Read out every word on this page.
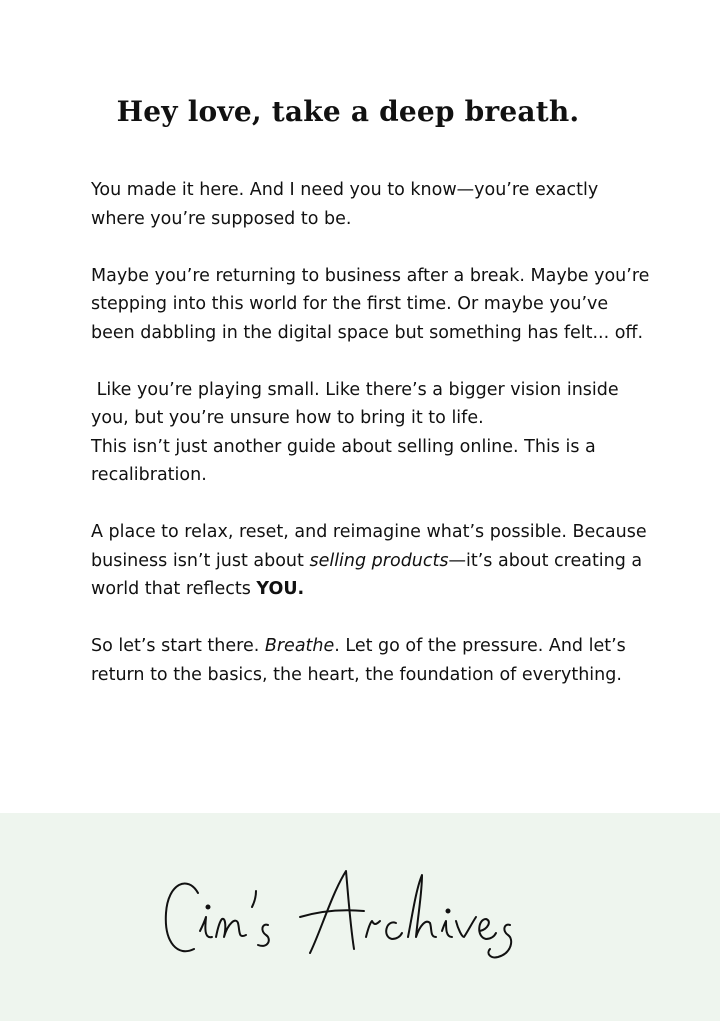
Hey love, take a deep breath.

You made it here. And I need you to know—you’re exactly
where you’re supposed to be.

Maybe you’re returning to business after a break. Maybe you’re
stepping into this world for the first time. Or maybe you’ve
been dabbling in the digital space but something has felt... off.

Like you’re playing small. Like there’s a bigger vision inside
you, but you’re unsure how to bring it to life.

This isn’t just another guide about selling online. This is a
recalibration.

A place to relax, reset, and reimagine what’s possible. Because
business isn’t just about selling products—it’s about creating a
world that reflects YOU.

So let’s start there. Breathe. Let go of the pressure. And let’s
return to the basics, the heart, the foundation of everything.
